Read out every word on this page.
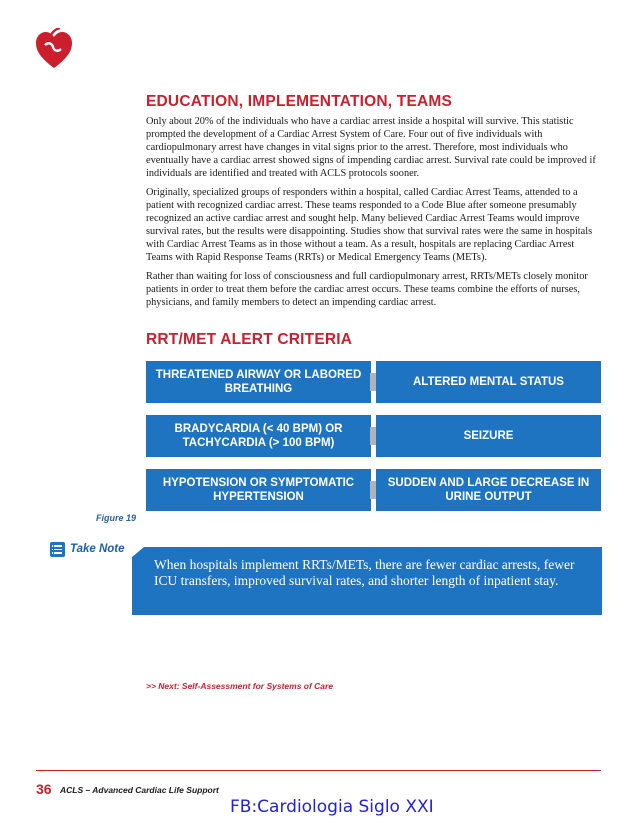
EDUCATION, IMPLEMENTATION, TEAMS

Only about 20% of the individuals who have a cardiac arrest inside a hospital will survive. This statistic prompted the development of a Cardiac Arrest System of Care. Four out of five individuals with cardiopulmonary arrest have changes in vital signs prior to the arrest. Therefore, most individuals who eventually have a cardiac arrest showed signs of impending cardiac arrest. Survival rate could be improved if individuals are identified and treated with ACLS protocols sooner.

Originally, specialized groups of responders within a hospital, called Cardiac Arrest Teams, attended to a patient with recognized cardiac arrest. These teams responded to a Code Blue after someone presumably recognized an active cardiac arrest and sought help. Many believed Cardiac Arrest Teams would improve survival rates, but the results were disappointing. Studies show that survival rates were the same in hospitals with Cardiac Arrest Teams as in those without a team. As a result, hospitals are replacing Cardiac Arrest Teams with Rapid Response Teams (RRTs) or Medical Emergency Teams (METs).

Rather than waiting for loss of consciousness and full cardiopulmonary arrest, RRTs/METs closely monitor patients in order to treat them before the cardiac arrest occurs. These teams combine the efforts of nurses, physicians, and family members to detect an impending cardiac arrest.

RRT/MET ALERT CRITERIA
THREATENED AIRWAY OR LABORED BREATHING
ALTERED MENTAL STATUS
BRADYCARDIA (< 40 BPM) OR TACHYCARDIA (> 100 BPM)
SEIZURE
HYPOTENSION OR SYMPTOMATIC HYPERTENSION
SUDDEN AND LARGE DECREASE IN URINE OUTPUT
Figure 19
Take Note
When hospitals implement RRTs/METs, there are fewer cardiac arrests, fewer ICU transfers, improved survival rates, and shorter length of inpatient stay.
>> Next: Self-Assessment for Systems of Care
36 ACLS – Advanced Cardiac Life Support
FB:Cardiologia Siglo XXI
